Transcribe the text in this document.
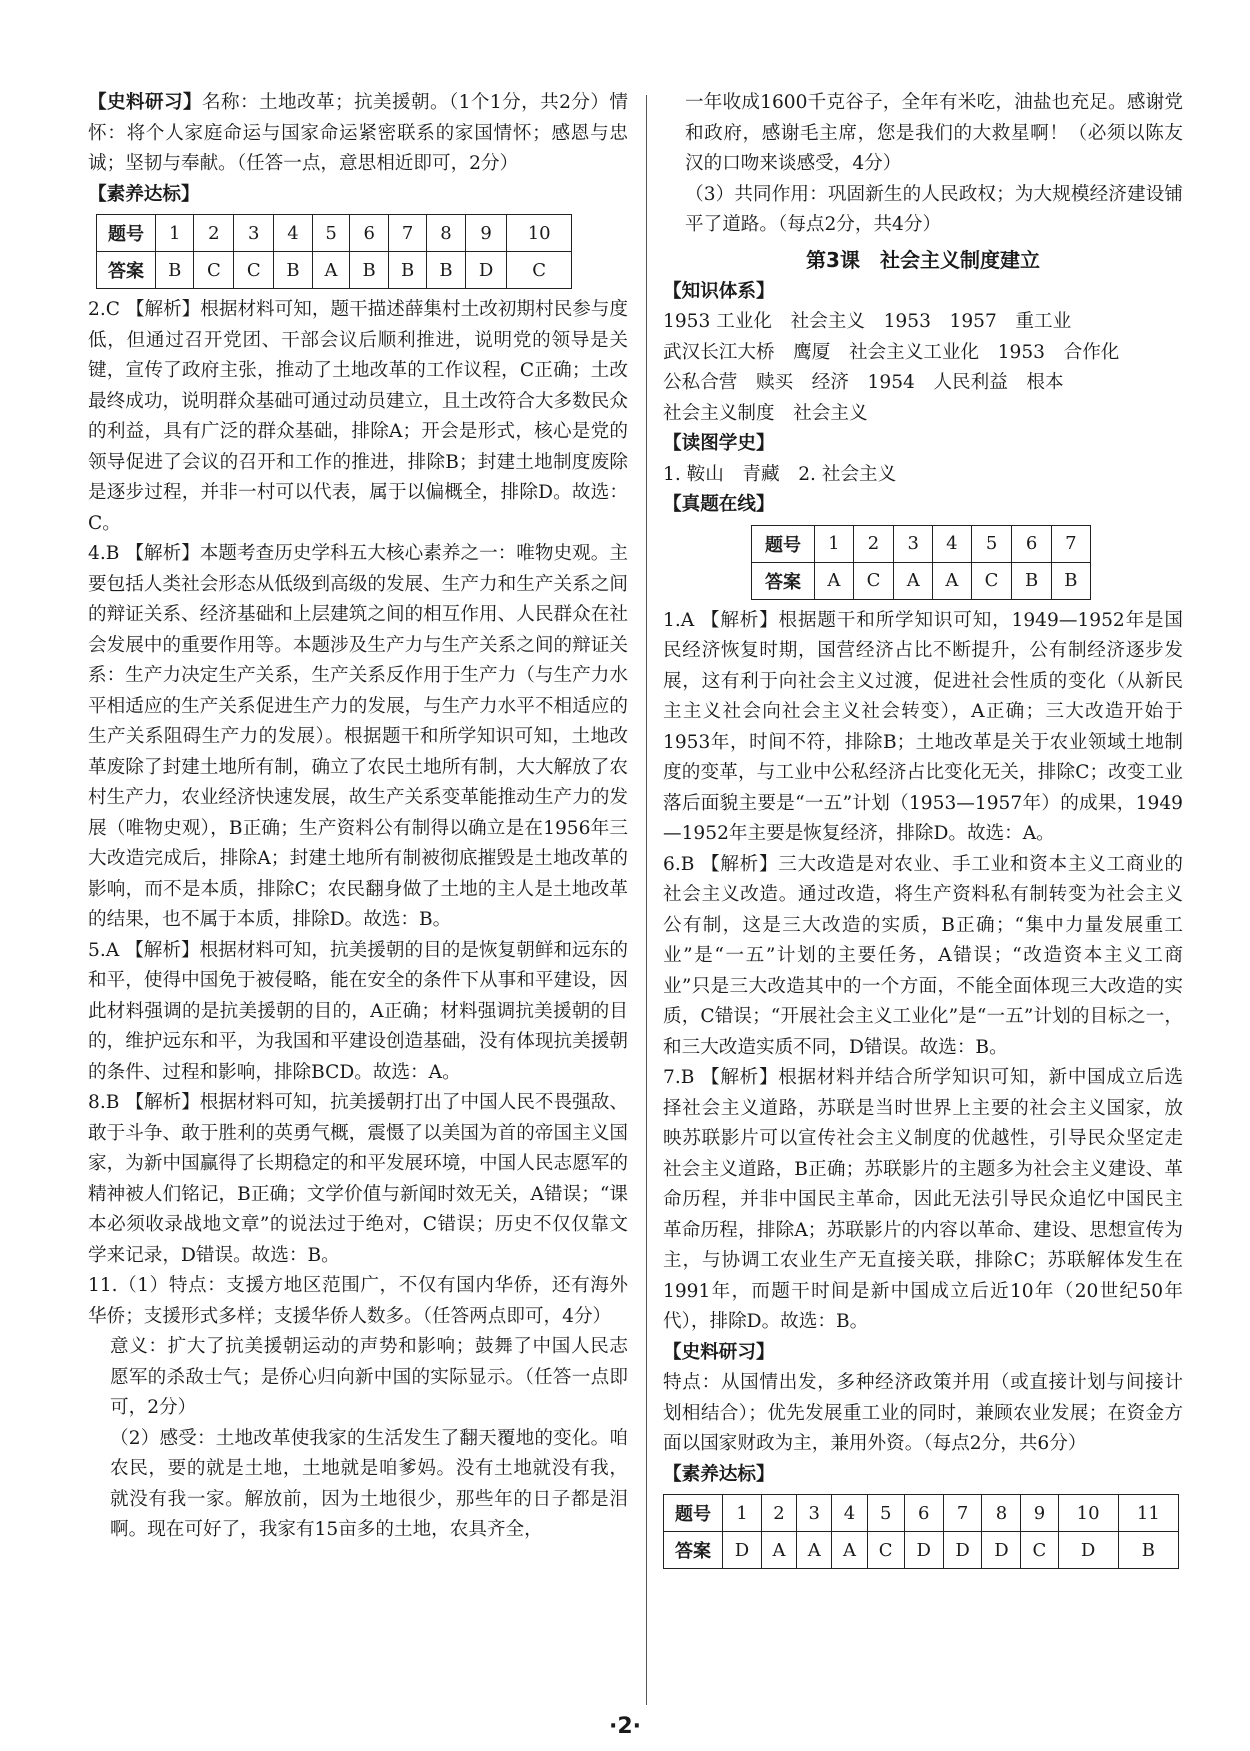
【史料研习】名称：土地改革；抗美援朝。（1个1分，共2分）情怀：将个人家庭命运与国家命运紧密联系的家国情怀；感恩与忠诚；坚韧与奉献。（任答一点，意思相近即可，2分）

【素养达标】

题号	1	2	3	4	5	6	7	8	9	10
答案	B	C	C	B	A	B	B	B	D	C

2.C 【解析】根据材料可知，题干描述薛集村土改初期村民参与度低，但通过召开党团、干部会议后顺利推进，说明党的领导是关键，宣传了政府主张，推动了土地改革的工作议程，C正确；土改最终成功，说明群众基础可通过动员建立，且土改符合大多数民众的利益，具有广泛的群众基础，排除A；开会是形式，核心是党的领导促进了会议的召开和工作的推进，排除B；封建土地制度废除是逐步过程，并非一村可以代表，属于以偏概全，排除D。故选：C。

4.B 【解析】本题考查历史学科五大核心素养之一：唯物史观。主要包括人类社会形态从低级到高级的发展、生产力和生产关系之间的辩证关系、经济基础和上层建筑之间的相互作用、人民群众在社会发展中的重要作用等。本题涉及生产力与生产关系之间的辩证关系：生产力决定生产关系，生产关系反作用于生产力（与生产力水平相适应的生产关系促进生产力的发展，与生产力水平不相适应的生产关系阻碍生产力的发展）。根据题干和所学知识可知，土地改革废除了封建土地所有制，确立了农民土地所有制，大大解放了农村生产力，农业经济快速发展，故生产关系变革能推动生产力的发展（唯物史观），B正确；生产资料公有制得以确立是在1956年三大改造完成后，排除A；封建土地所有制被彻底摧毁是土地改革的影响，而不是本质，排除C；农民翻身做了土地的主人是土地改革的结果，也不属于本质，排除D。故选：B。

5.A 【解析】根据材料可知，抗美援朝的目的是恢复朝鲜和远东的和平，使得中国免于被侵略，能在安全的条件下从事和平建设，因此材料强调的是抗美援朝的目的，A正确；材料强调抗美援朝的目的，维护远东和平，为我国和平建设创造基础，没有体现抗美援朝的条件、过程和影响，排除BCD。故选：A。

8.B 【解析】根据材料可知，抗美援朝打出了中国人民不畏强敌、敢于斗争、敢于胜利的英勇气概，震慑了以美国为首的帝国主义国家，为新中国赢得了长期稳定的和平发展环境，中国人民志愿军的精神被人们铭记，B正确；文学价值与新闻时效无关，A错误；“课本必须收录战地文章”的说法过于绝对，C错误；历史不仅仅靠文学来记录，D错误。故选：B。

11.（1）特点：支援方地区范围广，不仅有国内华侨，还有海外华侨；支援形式多样；支援华侨人数多。（任答两点即可，4分）

意义：扩大了抗美援朝运动的声势和影响；鼓舞了中国人民志愿军的杀敌士气；是侨心归向新中国的实际显示。（任答一点即可，2分）

（2）感受：土地改革使我家的生活发生了翻天覆地的变化。咱农民，要的就是土地，土地就是咱爹妈。没有土地就没有我，就没有我一家。解放前，因为土地很少，那些年的日子都是泪啊。现在可好了，我家有15亩多的土地，农具齐全，

一年收成1600千克谷子，全年有米吃，油盐也充足。感谢党和政府，感谢毛主席，您是我们的大救星啊！（必须以陈友汉的口吻来谈感受，4分）

（3）共同作用：巩固新生的人民政权；为大规模经济建设铺平了道路。（每点2分，共4分）

第3课　社会主义制度建立

【知识体系】

1953 工业化　社会主义　1953　1957　重工业

武汉长江大桥　鹰厦　社会主义工业化　1953　合作化

公私合营　赎买　经济　1954　人民利益　根本

社会主义制度　社会主义

【读图学史】

1. 鞍山　青藏　2. 社会主义

【真题在线】

题号	1	2	3	4	5	6	7
答案	A	C	A	A	C	B	B

1.A 【解析】根据题干和所学知识可知，1949—1952年是国民经济恢复时期，国营经济占比不断提升，公有制经济逐步发展，这有利于向社会主义过渡，促进社会性质的变化（从新民主主义社会向社会主义社会转变），A正确；三大改造开始于1953年，时间不符，排除B；土地改革是关于农业领域土地制度的变革，与工业中公私经济占比变化无关，排除C；改变工业落后面貌主要是“一五”计划（1953—1957年）的成果，1949—1952年主要是恢复经济，排除D。故选：A。

6.B 【解析】三大改造是对农业、手工业和资本主义工商业的社会主义改造。通过改造，将生产资料私有制转变为社会主义公有制，这是三大改造的实质，B正确；“集中力量发展重工业”是“一五”计划的主要任务，A错误；“改造资本主义工商业”只是三大改造其中的一个方面，不能全面体现三大改造的实质，C错误；“开展社会主义工业化”是“一五”计划的目标之一，和三大改造实质不同，D错误。故选：B。

7.B 【解析】根据材料并结合所学知识可知，新中国成立后选择社会主义道路，苏联是当时世界上主要的社会主义国家，放映苏联影片可以宣传社会主义制度的优越性，引导民众坚定走社会主义道路，B正确；苏联影片的主题多为社会主义建设、革命历程，并非中国民主革命，因此无法引导民众追忆中国民主革命历程，排除A；苏联影片的内容以革命、建设、思想宣传为主，与协调工农业生产无直接关联，排除C；苏联解体发生在1991年，而题干时间是新中国成立后近10年（20世纪50年代），排除D。故选：B。

【史料研习】

特点：从国情出发，多种经济政策并用（或直接计划与间接计划相结合）；优先发展重工业的同时，兼顾农业发展；在资金方面以国家财政为主，兼用外资。（每点2分，共6分）

【素养达标】

题号	1	2	3	4	5	6	7	8	9	10	11
答案	D	A	A	A	C	D	D	D	C	D	B
·2·
